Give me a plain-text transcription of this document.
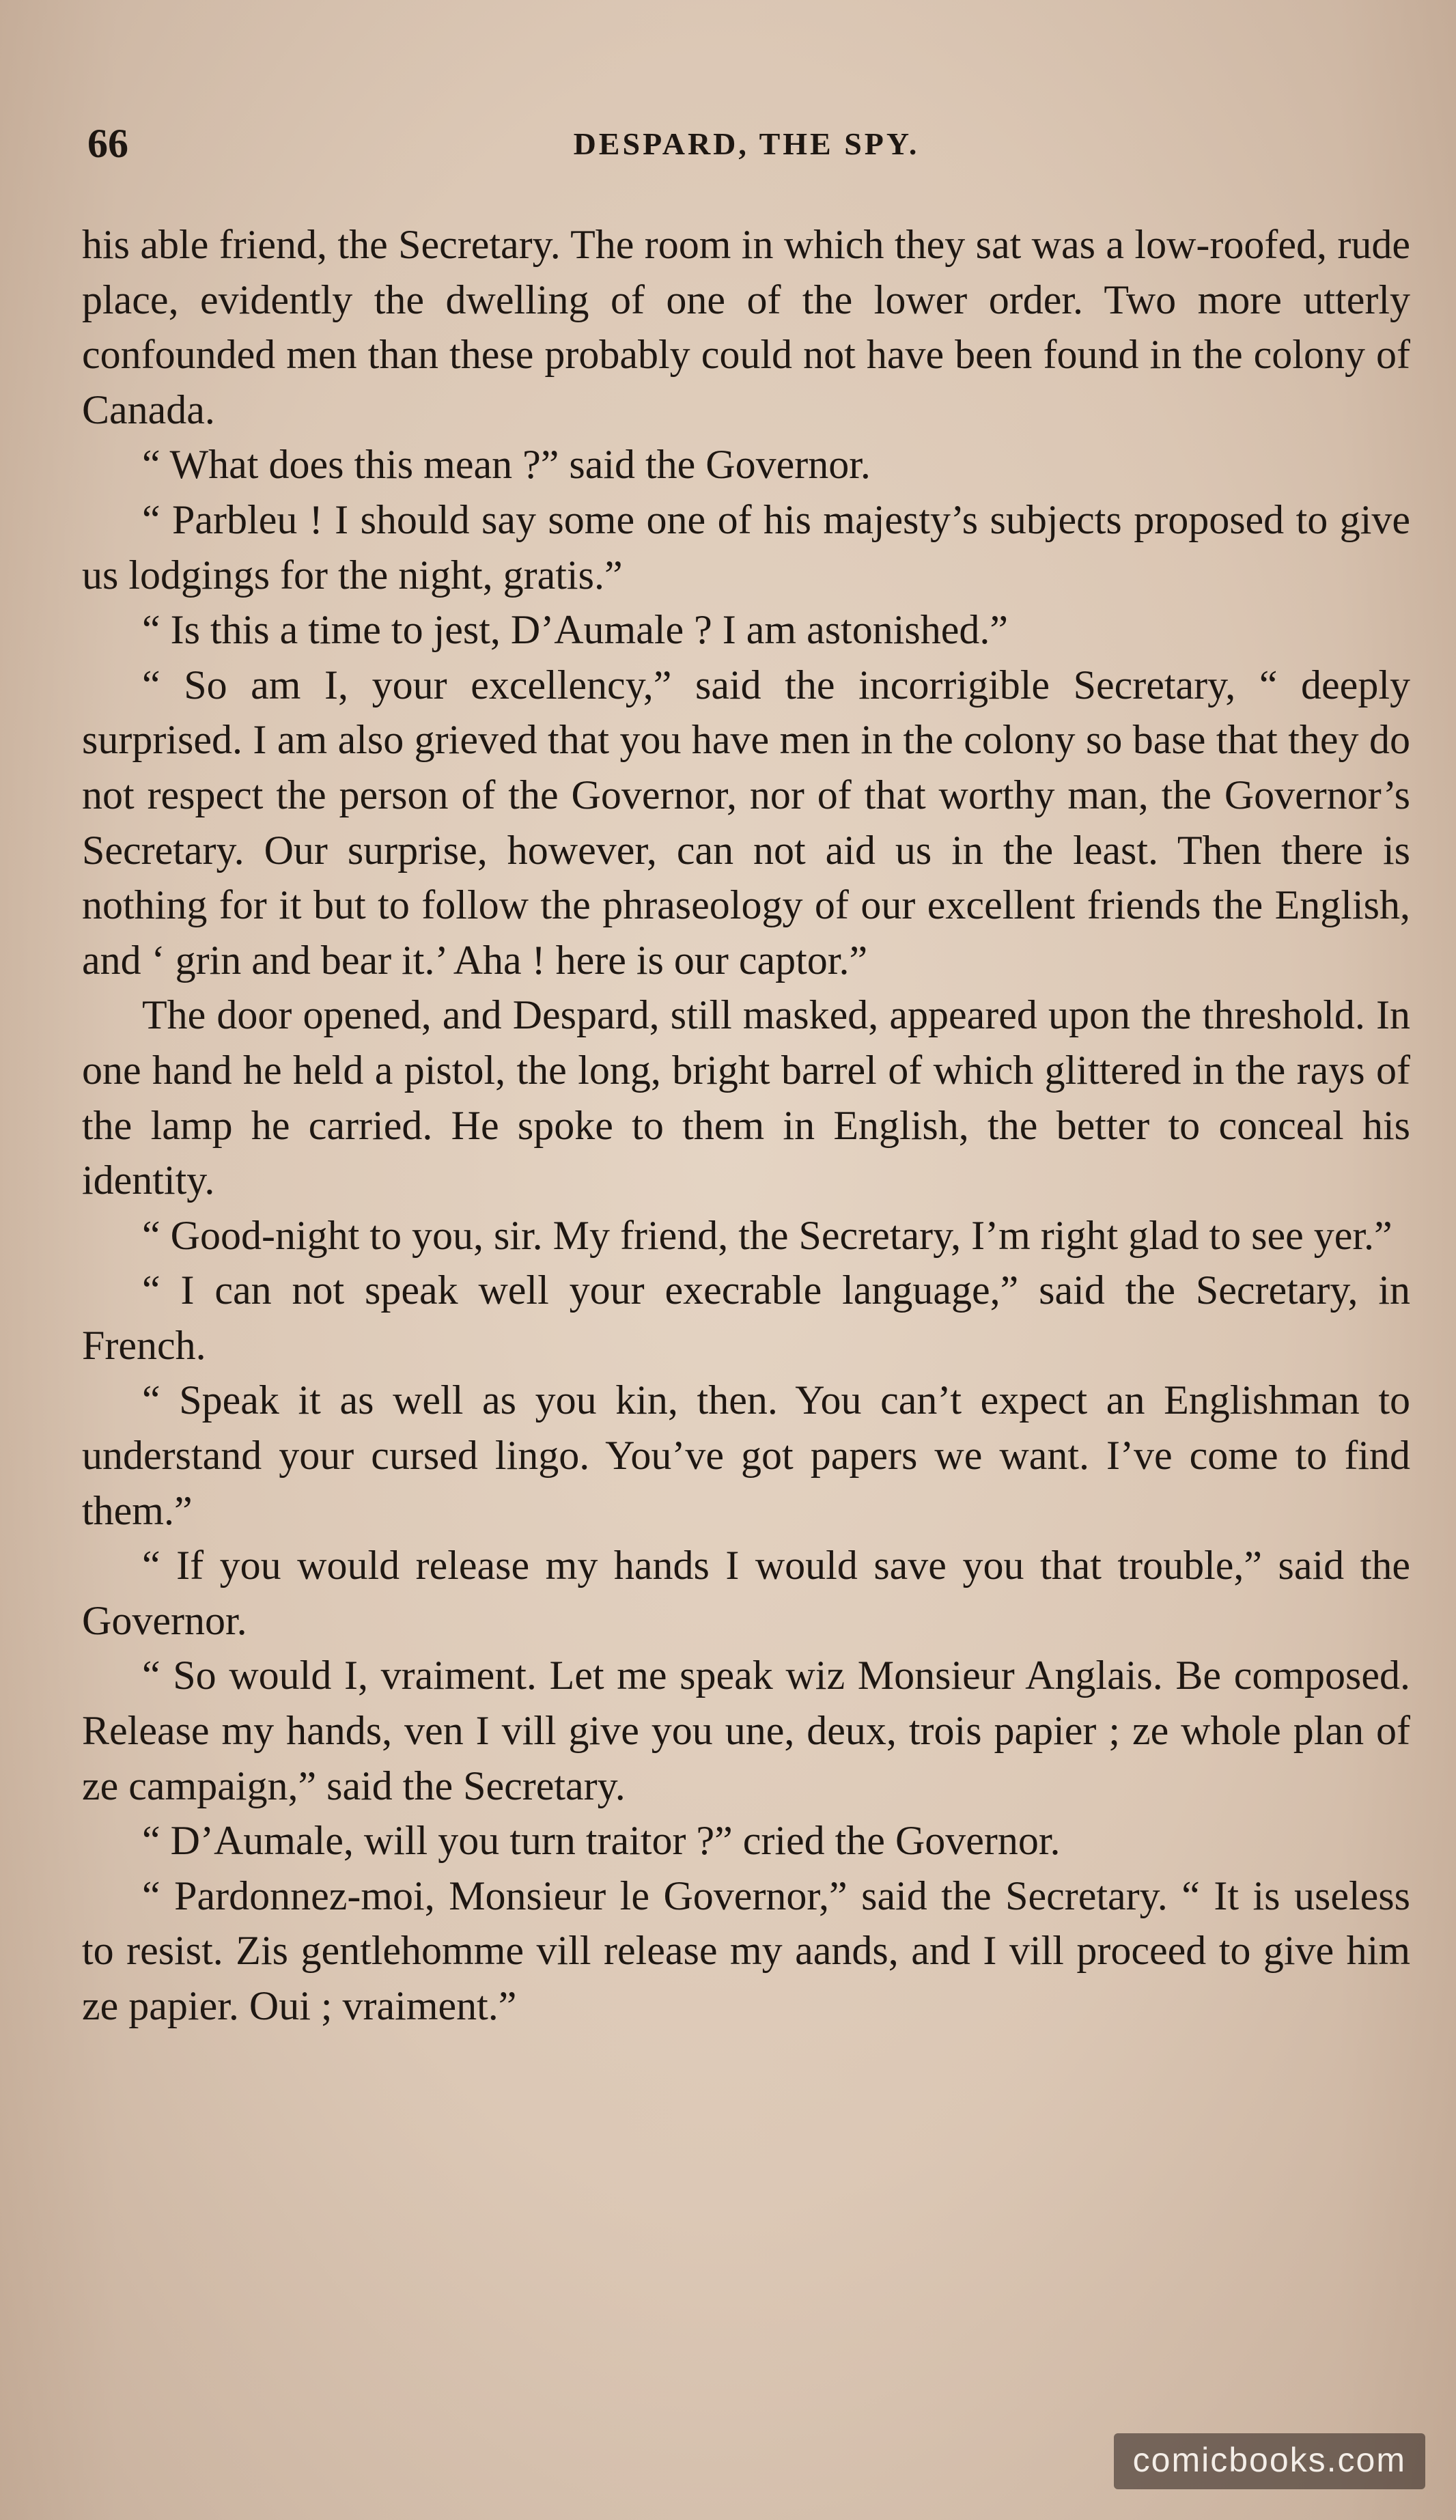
66	DESPARD, THE SPY.

his able friend, the Secretary. The room in which they sat was a low-roofed, rude place, evidently the dwelling of one of the lower order. Two more utterly confounded men than these probably could not have been found in the colony of Canada.

“ What does this mean ?” said the Governor.

“ Parbleu ! I should say some one of his majesty’s subjects proposed to give us lodgings for the night, gratis.”

“ Is this a time to jest, D’Aumale ? I am astonished.”

“ So am I, your excellency,” said the incorrigible Secretary, “ deeply surprised. I am also grieved that you have men in the colony so base that they do not respect the person of the Governor, nor of that worthy man, the Governor’s Secretary. Our surprise, however, can not aid us in the least. Then there is nothing for it but to follow the phraseology of our excellent friends the English, and ‘ grin and bear it.’ Aha ! here is our captor.”

The door opened, and Despard, still masked, appeared upon the threshold. In one hand he held a pistol, the long, bright barrel of which glittered in the rays of the lamp he carried. He spoke to them in English, the better to conceal his identity.

“ Good-night to you, sir. My friend, the Secretary, I’m right glad to see yer.”

“ I can not speak well your execrable language,” said the Secretary, in French.

“ Speak it as well as you kin, then. You can’t expect an Englishman to understand your cursed lingo. You’ve got papers we want. I’ve come to find them.”

“ If you would release my hands I would save you that trouble,” said the Governor.

“ So would I, vraiment. Let me speak wiz Monsieur Anglais. Be composed. Release my hands, ven I vill give you une, deux, trois papier ; ze whole plan of ze campaign,” said the Secretary.

“ D’Aumale, will you turn traitor ?” cried the Governor.

“ Pardonnez-moi, Monsieur le Governor,” said the Secretary. “ It is useless to resist. Zis gentlehomme vill release my aands, and I vill proceed to give him ze papier. Oui ; vraiment.”

comicbooks.com
